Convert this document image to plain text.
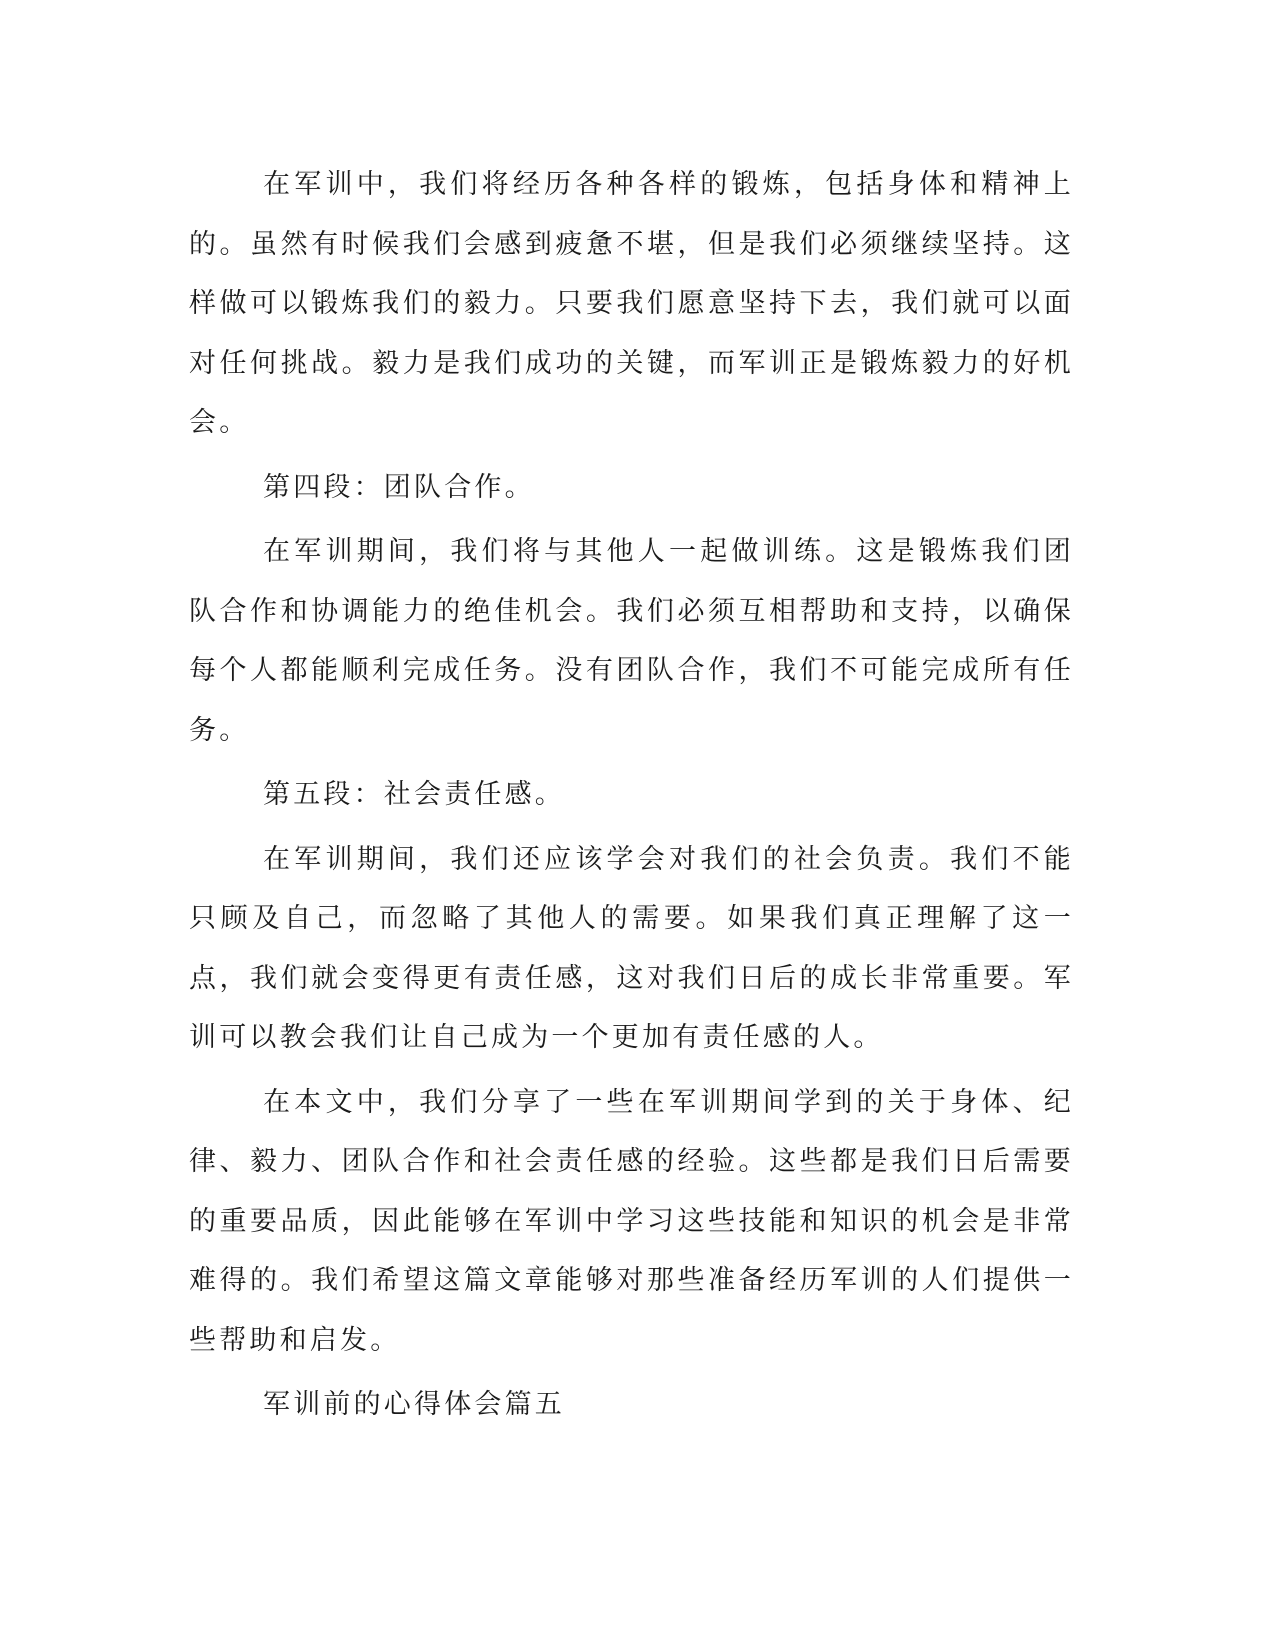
在军训中，我们将经历各种各样的锻炼，包括身体和精神上的。虽然有时候我们会感到疲惫不堪，但是我们必须继续坚持。这样做可以锻炼我们的毅力。只要我们愿意坚持下去，我们就可以面对任何挑战。毅力是我们成功的关键，而军训正是锻炼毅力的好机会。

第四段：团队合作。

在军训期间，我们将与其他人一起做训练。这是锻炼我们团队合作和协调能力的绝佳机会。我们必须互相帮助和支持，以确保每个人都能顺利完成任务。没有团队合作，我们不可能完成所有任务。

第五段：社会责任感。

在军训期间，我们还应该学会对我们的社会负责。我们不能只顾及自己，而忽略了其他人的需要。如果我们真正理解了这一点，我们就会变得更有责任感，这对我们日后的成长非常重要。军训可以教会我们让自己成为一个更加有责任感的人。

在本文中，我们分享了一些在军训期间学到的关于身体、纪律、毅力、团队合作和社会责任感的经验。这些都是我们日后需要的重要品质，因此能够在军训中学习这些技能和知识的机会是非常难得的。我们希望这篇文章能够对那些准备经历军训的人们提供一些帮助和启发。

军训前的心得体会篇五
